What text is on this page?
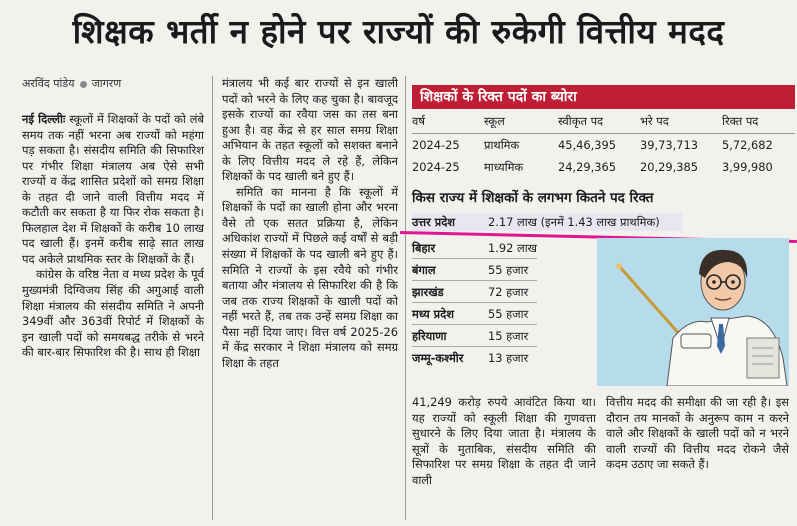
शिक्षक भर्ती न होने पर राज्यों की रुकेगी वित्तीय मदद
अरविंद पांडेय जागरण

नई दिल्लीः स्कूलों में शिक्षकों के पदों को लंबे समय तक नहीं भरना अब राज्यों को महंगा पड़ सकता है। संसदीय समिति की सिफारिश पर गंभीर शिक्षा मंत्रालय अब ऐसे सभी राज्यों व केंद्र शासित प्रदेशों को समग्र शिक्षा के तहत दी जाने वाली वित्तीय मदद में कटौती कर सकता है या फिर रोक सकता है। फिलहाल देश में शिक्षकों के करीब 10 लाख पद खाली हैं। इनमें करीब साढ़े सात लाख पद अकेले प्राथमिक स्तर के शिक्षकों के हैं।

कांग्रेस के वरिष्ठ नेता व मध्य प्रदेश के पूर्व मुख्यमंत्री दिग्विजय सिंह की अगुआई वाली शिक्षा मंत्रालय की संसदीय समिति ने अपनी 349वीं और 363वीं रिपोर्ट में शिक्षकों के इन खाली पदों को समयबद्ध तरीके से भरने की बार-बार सिफारिश की है। साथ ही शिक्षा

मंत्रालय भी कई बार राज्यों से इन खाली पदों को भरने के लिए कह चुका है। बावजूद इसके राज्यों का रवैया जस का तस बना हुआ है। वह केंद्र से हर साल समग्र शिक्षा अभियान के तहत स्कूलों को सशक्त बनाने के लिए वित्तीय मदद ले रहे हैं, लेकिन शिक्षकों के पद खाली बने हुए हैं।

समिति का मानना है कि स्कूलों में शिक्षकों के पदों का खाली होना और भरना वैसे तो एक सतत प्रक्रिया है, लेकिन अधिकांश राज्यों में पिछले कई वर्षों से बड़ी संख्या में शिक्षकों के पद खाली बने हुए हैं। समिति ने राज्यों के इस रवैये को गंभीर बताया और मंत्रालय से सिफारिश की है कि जब तक राज्य शिक्षकों के खाली पदों को नहीं भरते हैं, तब तक उन्हें समग्र शिक्षा का पैसा नहीं दिया जाए। वित्त वर्ष 2025-26 में केंद्र सरकार ने शिक्षा मंत्रालय को समग्र शिक्षा के तहत

41,249 करोड़ रुपये आवंटित किया था। यह राज्यों को स्कूली शिक्षा की गुणवत्ता सुधारने के लिए दिया जाता है। मंत्रालय के सूत्रों के मुताबिक, संसदीय समिति की सिफारिश पर समग्र शिक्षा के तहत दी जाने वाली

वित्तीय मदद की समीक्षा की जा रही है। इस दौरान तय मानकों के अनुरूप काम न करने वाले और शिक्षकों के खाली पदों को न भरने वाली राज्यों की वित्तीय मदद रोकने जैसे कदम उठाए जा सकते हैं।

शिक्षकों के रिक्त पदों का ब्योरा
वर्ष	स्कूल	स्वीकृत पद	भरे पद	रिक्त पद
2024-25	प्राथमिक	45,46,395	39,73,713	5,72,682
2024-25	माध्यमिक	24,29,365	20,29,385	3,99,980
किस राज्य में शिक्षकों के लगभग कितने पद रिक्त
उत्तर प्रदेश	2.17 लाख (इनमें 1.43 लाख प्राथमिक)
बिहार	1.92 लाख
बंगाल	55 हजार
झारखंड	72 हजार
मध्य प्रदेश	55 हजार
हरियाणा	15 हजार
जम्मू-कश्मीर 13 हजार
